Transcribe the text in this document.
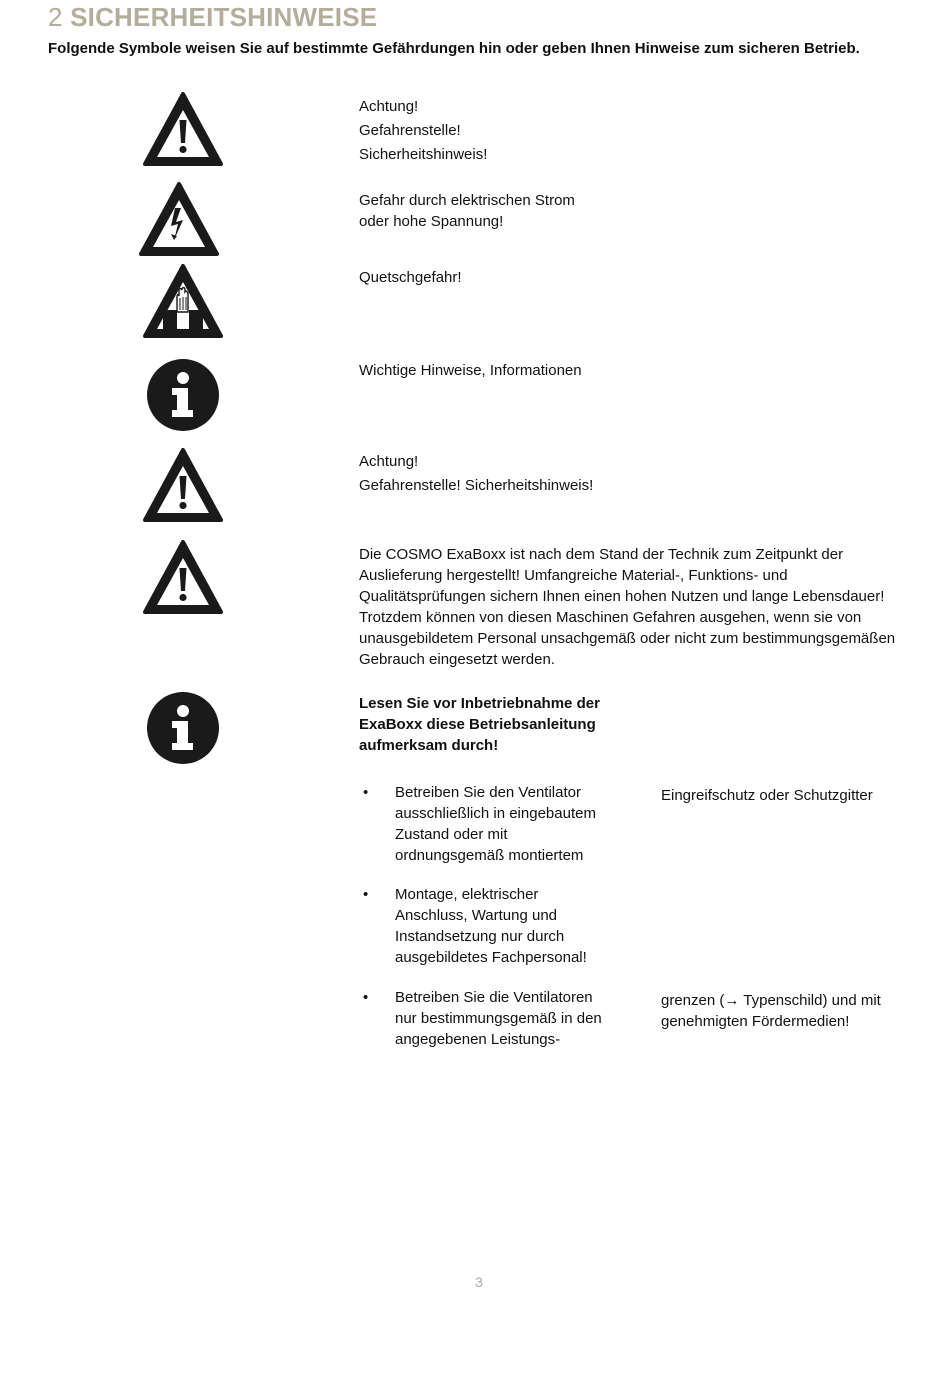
2 SICHERHEITSHINWEISE

Folgende Symbole weisen Sie auf bestimmte Gefährdungen hin oder geben Ihnen Hinweise zum sicheren Betrieb.

Achtung!

Gefahrenstelle!

Sicherheitshinweis!

Gefahr durch elektrischen Strom

oder hohe Spannung!

Quetschgefahr!

Wichtige Hinweise, Informationen

Achtung!

Gefahrenstelle! Sicherheitshinweis!

Die COSMO ExaBoxx ist nach dem Stand der Technik zum Zeitpunkt der

Auslieferung hergestellt! Umfangreiche Material-, Funktions- und

Qualitätsprüfungen sichern Ihnen einen hohen Nutzen und lange Lebensdauer!

Trotzdem können von diesen Maschinen Gefahren ausgehen, wenn sie von

unausgebildetem Personal unsachgemäß oder nicht zum bestimmungsgemäßen

Gebrauch eingesetzt werden.

Lesen Sie vor Inbetriebnahme der

ExaBoxx diese Betriebsanleitung

aufmerksam durch!

• Betreiben Sie den Ventilator
ausschließlich in eingebautem
Zustand oder mit
ordnungsgemäß montiertem
Eingreifschutz oder Schutzgitter
• Montage, elektrischer
Anschluss, Wartung und
Instandsetzung nur durch
ausgebildetes Fachpersonal!
• Betreiben Sie die Ventilatoren
nur bestimmungsgemäß in den
angegebenen Leistungs-
grenzen (→ Typenschild) und mit
genehmigten Fördermedien!
3
